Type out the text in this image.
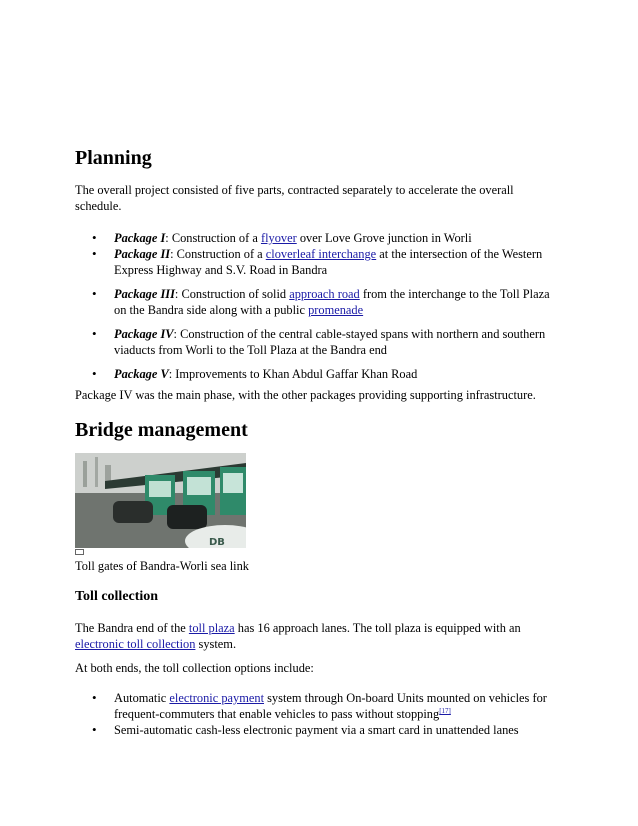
Planning

The overall project consisted of five parts, contracted separately to accelerate the overall
schedule.

• Package I: Construction of a flyover over Love Grove junction in Worli
• Package II: Construction of a cloverleaf interchange at the intersection of the Western
Express Highway and S.V. Road in Bandra
• Package III: Construction of solid approach road from the interchange to the Toll Plaza
on the Bandra side along with a public promenade
• Package IV: Construction of the central cable-stayed spans with northern and southern
viaducts from Worli to the Toll Plaza at the Bandra end
• Package V: Improvements to Khan Abdul Gaffar Khan Road

Package IV was the main phase, with the other packages providing supporting infrastructure.

Bridge management
DB

Toll gates of Bandra-Worli sea link

Toll collection

The Bandra end of the toll plaza has 16 approach lanes. The toll plaza is equipped with an
electronic toll collection system.

At both ends, the toll collection options include:

• Automatic electronic payment system through On-board Units mounted on vehicles for
frequent-commuters that enable vehicles to pass without stopping[17]
• Semi-automatic cash-less electronic payment via a smart card in unattended lanes
